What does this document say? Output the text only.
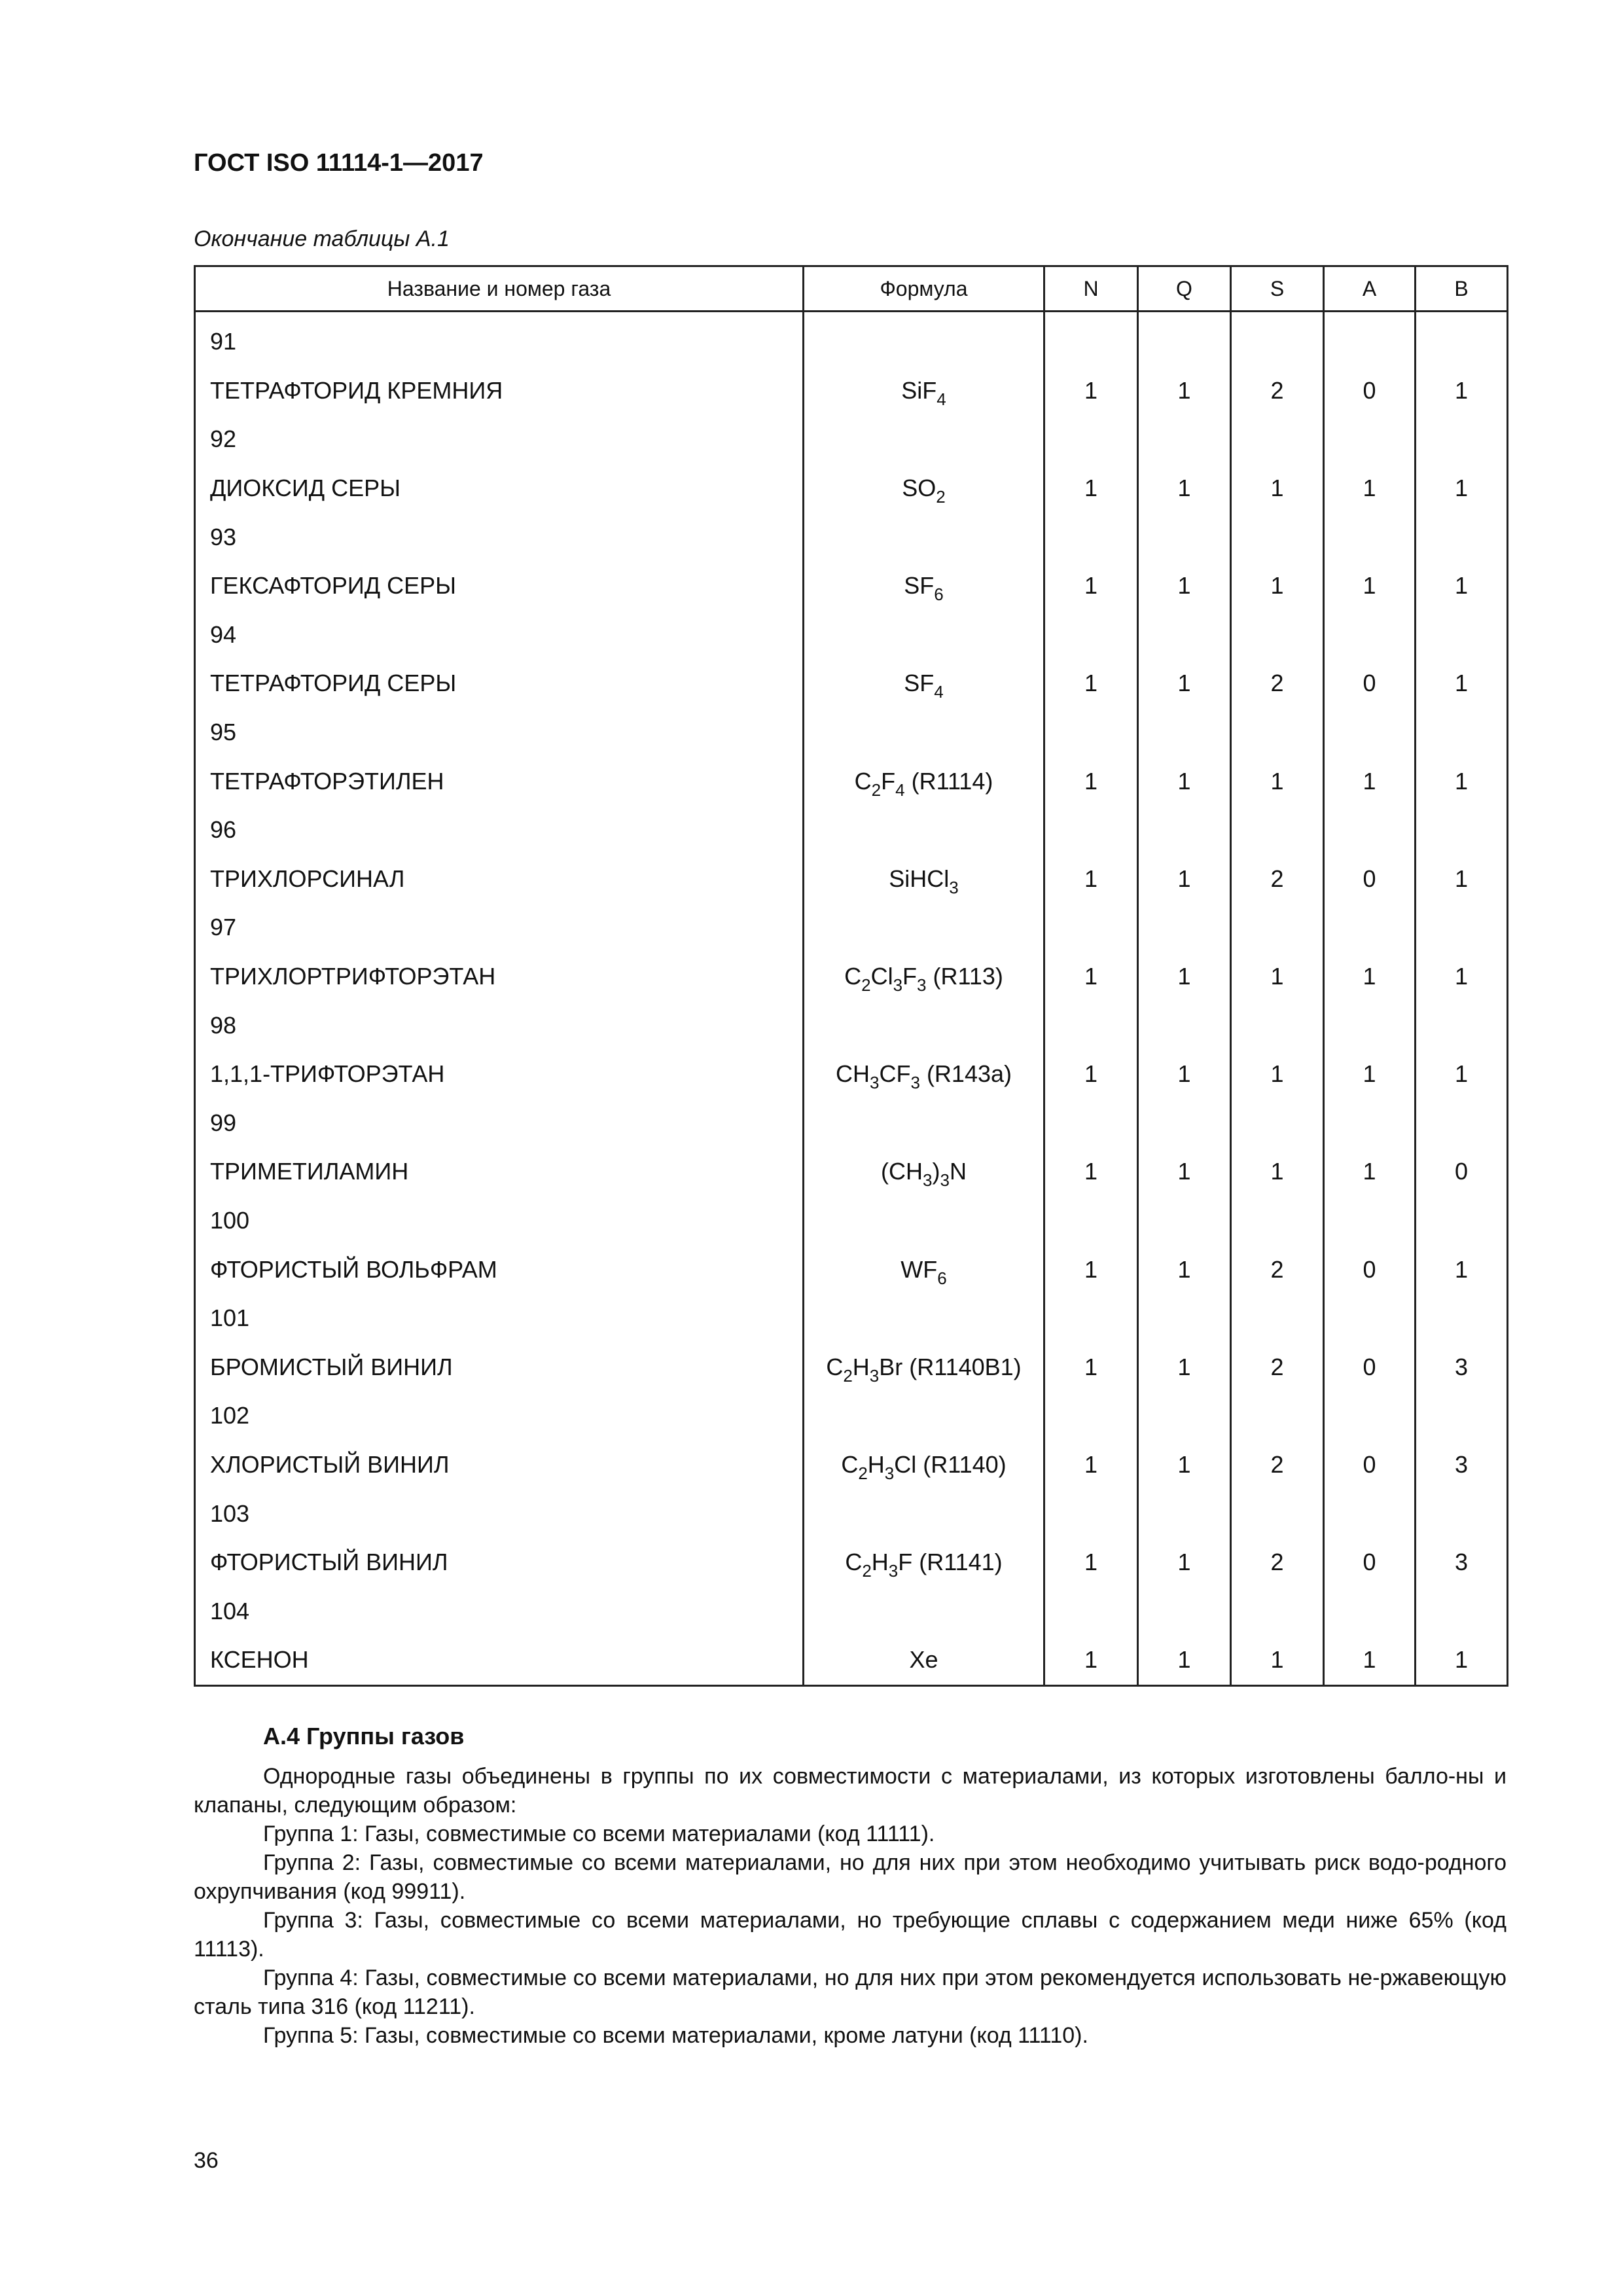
ГОСТ ISO 11114-1—2017

Окончание таблицы А.1

Название и номер газа	Формула	N	Q	S	A	B
91						
ТЕТРАФТОРИД КРЕМНИЯ	SiF$_4$	1	1	2	0	1
92						
ДИОКСИД СЕРЫ	$SO_2$	1	1	1	1	1
93						
ГЕКСАФТОРИД СЕРЫ	$SF_6$	1	1	1	1	1
94						
ТЕТРАФТОРИД СЕРЫ	$SF_4$	1	1	2	0	1
95						
ТЕТРАФТОРЭТИЛЕН	$C_2F_4$ (R1114)	1	1	1	1	1
96						
ТРИХЛОРСИНАЛ	SiHCl$_3$	1	1	2	0	1
97						
ТРИХЛОРТРИФТОРЭТАН	$C_2Cl_3F_3$ (R113)	1	1	1	1	1
98						
1,1,1-ТРИФТОРЭТАН	$CH_3CF_3$ (R143a)	1	1	1	1	1
99						
ТРИМЕТИЛАМИН	$(CH_3)_3N$	1	1	1	1	0
100						
ФТОРИСТЫЙ ВОЛЬФРАМ	$WF_6$	1	1	2	0	1
101						
БРОМИСТЫЙ ВИНИЛ	$C_2H_3Br$ (R1140B1)	1	1	2	0	3
102						
ХЛОРИСТЫЙ ВИНИЛ	$C_2H_3Cl$ (R1140)	1	1	2	0	3
103						
ФТОРИСТЫЙ ВИНИЛ	$C_2H_3F$ (R1141)	1	1	2	0	3
104						
КСЕНОН	Xe	1	1	1	1	1
А.4 Группы газов

Однородные газы объединены в группы по их совместимости с материалами, из которых изготовлены балло-ны и клапаны, следующим образом:

Группа 1: Газы, совместимые со всеми материалами (код 11111).

Группа 2: Газы, совместимые со всеми материалами, но для них при этом необходимо учитывать риск водо-родного охрупчивания (код 99911).

Группа 3: Газы, совместимые со всеми материалами, но требующие сплавы с содержанием меди ниже 65% (код 11113).

Группа 4: Газы, совместимые со всеми материалами, но для них при этом рекомендуется использовать не-ржавеющую сталь типа 316 (код 11211).

Группа 5: Газы, совместимые со всеми материалами, кроме латуни (код 11110).

36
